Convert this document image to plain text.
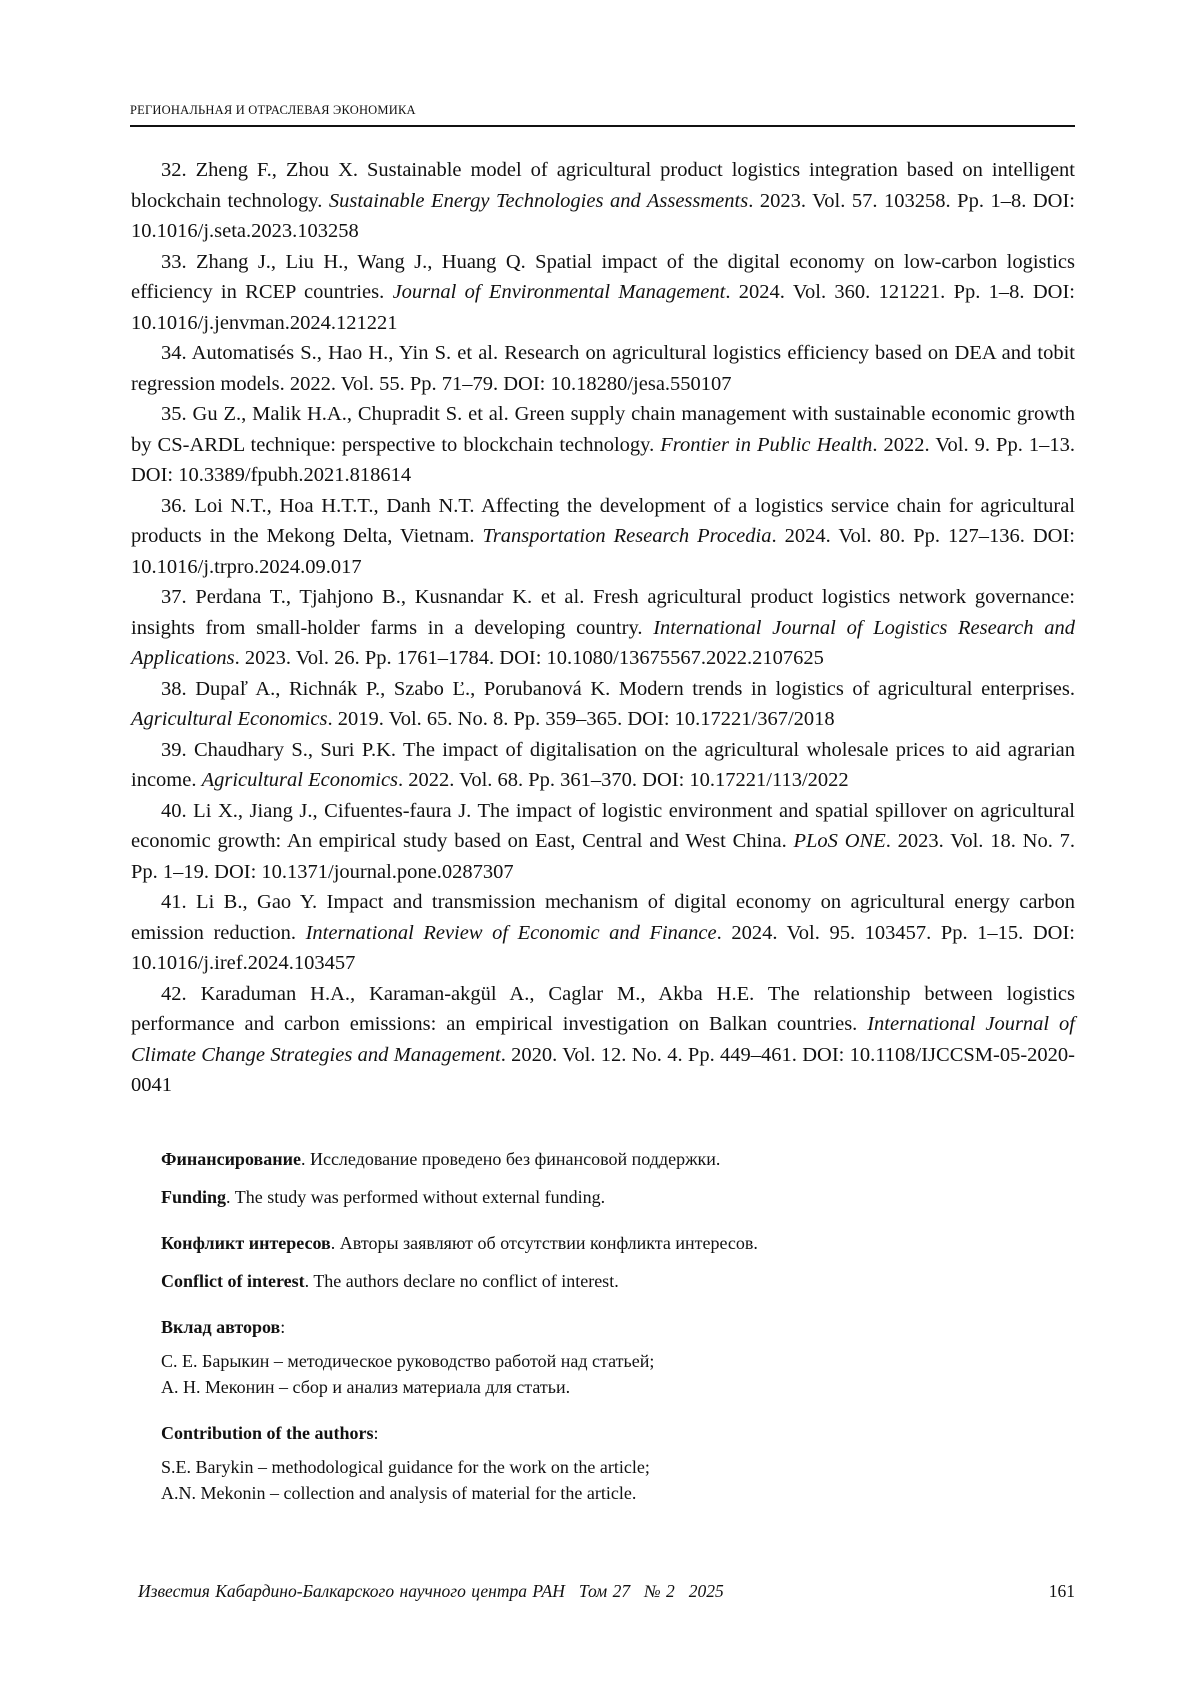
РЕГИОНАЛЬНАЯ И ОТРАСЛЕВАЯ ЭКОНОМИКА

32. Zheng F., Zhou X. Sustainable model of agricultural product logistics integration based on intelligent blockchain technology. Sustainable Energy Technologies and Assessments. 2023. Vol. 57. 103258. Pp. 1–8. DOI: 10.1016/j.seta.2023.103258

33. Zhang J., Liu H., Wang J., Huang Q. Spatial impact of the digital economy on low-carbon logistics efficiency in RCEP countries. Journal of Environmental Management. 2024. Vol. 360. 121221. Pp. 1–8. DOI: 10.1016/j.jenvman.2024.121221

34. Automatisés S., Hao H., Yin S. et al. Research on agricultural logistics efficiency based on DEA and tobit regression models. 2022. Vol. 55. Pp. 71–79. DOI: 10.18280/jesa.550107

35. Gu Z., Malik H.A., Chupradit S. et al. Green supply chain management with sustainable economic growth by CS-ARDL technique: perspective to blockchain technology. Frontier in Public Health. 2022. Vol. 9. Pp. 1–13. DOI: 10.3389/fpubh.2021.818614

36. Loi N.T., Hoa H.T.T., Danh N.T. Affecting the development of a logistics service chain for agricultural products in the Mekong Delta, Vietnam. Transportation Research Procedia. 2024. Vol. 80. Pp. 127–136. DOI: 10.1016/j.trpro.2024.09.017

37. Perdana T., Tjahjono B., Kusnandar K. et al. Fresh agricultural product logistics network governance: insights from small-holder farms in a developing country. International Journal of Logistics Research and Applications. 2023. Vol. 26. Pp. 1761–1784. DOI: 10.1080/13675567.2022.2107625

38. Dupaľ A., Richnák P., Szabo Ľ., Porubanová K. Modern trends in logistics of agricultural enterprises. Agricultural Economics. 2019. Vol. 65. No. 8. Pp. 359–365. DOI: 10.17221/367/2018

39. Chaudhary S., Suri P.K. The impact of digitalisation on the agricultural wholesale prices to aid agrarian income. Agricultural Economics. 2022. Vol. 68. Pp. 361–370. DOI: 10.17221/113/2022

40. Li X., Jiang J., Cifuentes-faura J. The impact of logistic environment and spatial spillover on agricultural economic growth: An empirical study based on East, Central and West China. PLoS ONE. 2023. Vol. 18. No. 7. Pp. 1–19. DOI: 10.1371/journal.pone.0287307

41. Li B., Gao Y. Impact and transmission mechanism of digital economy on agricultural energy carbon emission reduction. International Review of Economic and Finance. 2024. Vol. 95. 103457. Pp. 1–15. DOI: 10.1016/j.iref.2024.103457

42. Karaduman H.A., Karaman-akgül A., Caglar M., Akba H.E. The relationship between logistics performance and carbon emissions: an empirical investigation on Balkan countries. International Journal of Climate Change Strategies and Management. 2020. Vol. 12. No. 4. Pp. 449–461. DOI: 10.1108/IJCCSM-05-2020-0041

Финансирование. Исследование проведено без финансовой поддержки.

Funding. The study was performed without external funding.

Конфликт интересов. Авторы заявляют об отсутствии конфликта интересов.

Conflict of interest. The authors declare no conflict of interest.

Вклад авторов:

С. Е. Барыкин – методическое руководство работой над статьей;

А. Н. Меконин – сбор и анализ материала для статьи.

Contribution of the authors:

S.E. Barykin – methodological guidance for the work on the article;

A.N. Mekonin – collection and analysis of material for the article.

Известия Кабардино-Балкарского научного центра РАН Том 27 № 2 2025	161
